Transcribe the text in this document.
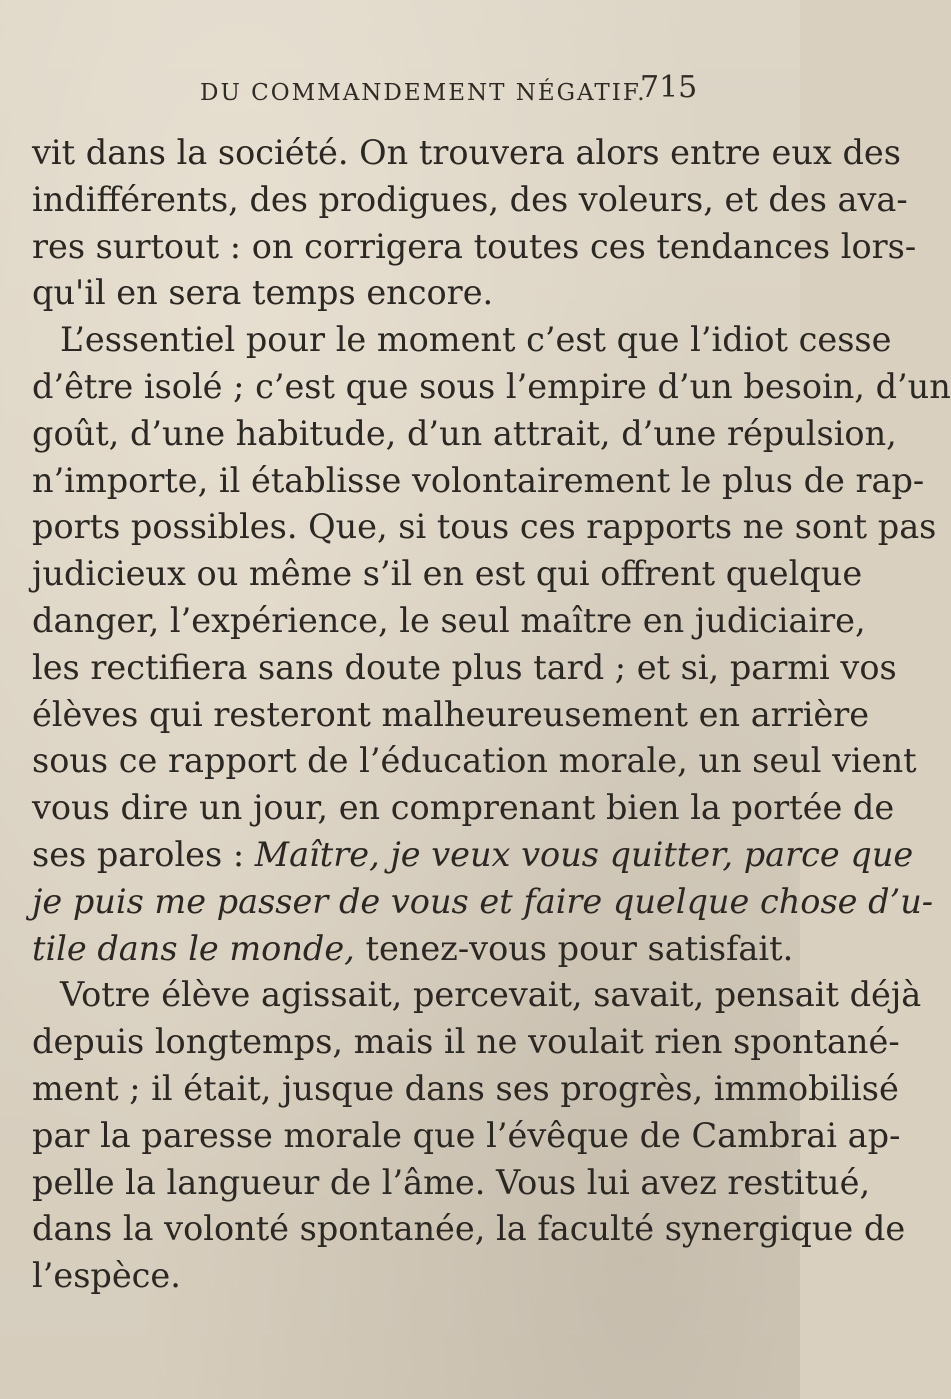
DU COMMANDEMENT NÉGATIF.
715

vit dans la société. On trouvera alors entre eux des
indifférents, des prodigues, des voleurs, et des ava-
res surtout : on corrigera toutes ces tendances lors-
qu'il en sera temps encore.

L’essentiel pour le moment c’est que l’idiot cesse
d’être isolé ; c’est que sous l’empire d’un besoin, d’un
goût, d’une habitude, d’un attrait, d’une répulsion,
n’importe, il établisse volontairement le plus de rap-
ports possibles. Que, si tous ces rapports ne sont pas
judicieux ou même s’il en est qui offrent quelque
danger, l’expérience, le seul maître en judiciaire,
les rectifiera sans doute plus tard ; et si, parmi vos
élèves qui resteront malheureusement en arrière
sous ce rapport de l’éducation morale, un seul vient
vous dire un jour, en comprenant bien la portée de
ses paroles : Maître, je veux vous quitter, parce que
je puis me passer de vous et faire quelque chose d’u-
tile dans le monde, tenez-vous pour satisfait.

Votre élève agissait, percevait, savait, pensait déjà
depuis longtemps, mais il ne voulait rien spontané-
ment ; il était, jusque dans ses progrès, immobilisé
par la paresse morale que l’évêque de Cambrai ap-
pelle la langueur de l’âme. Vous lui avez restitué,
dans la volonté spontanée, la faculté synergique de
l’espèce.
